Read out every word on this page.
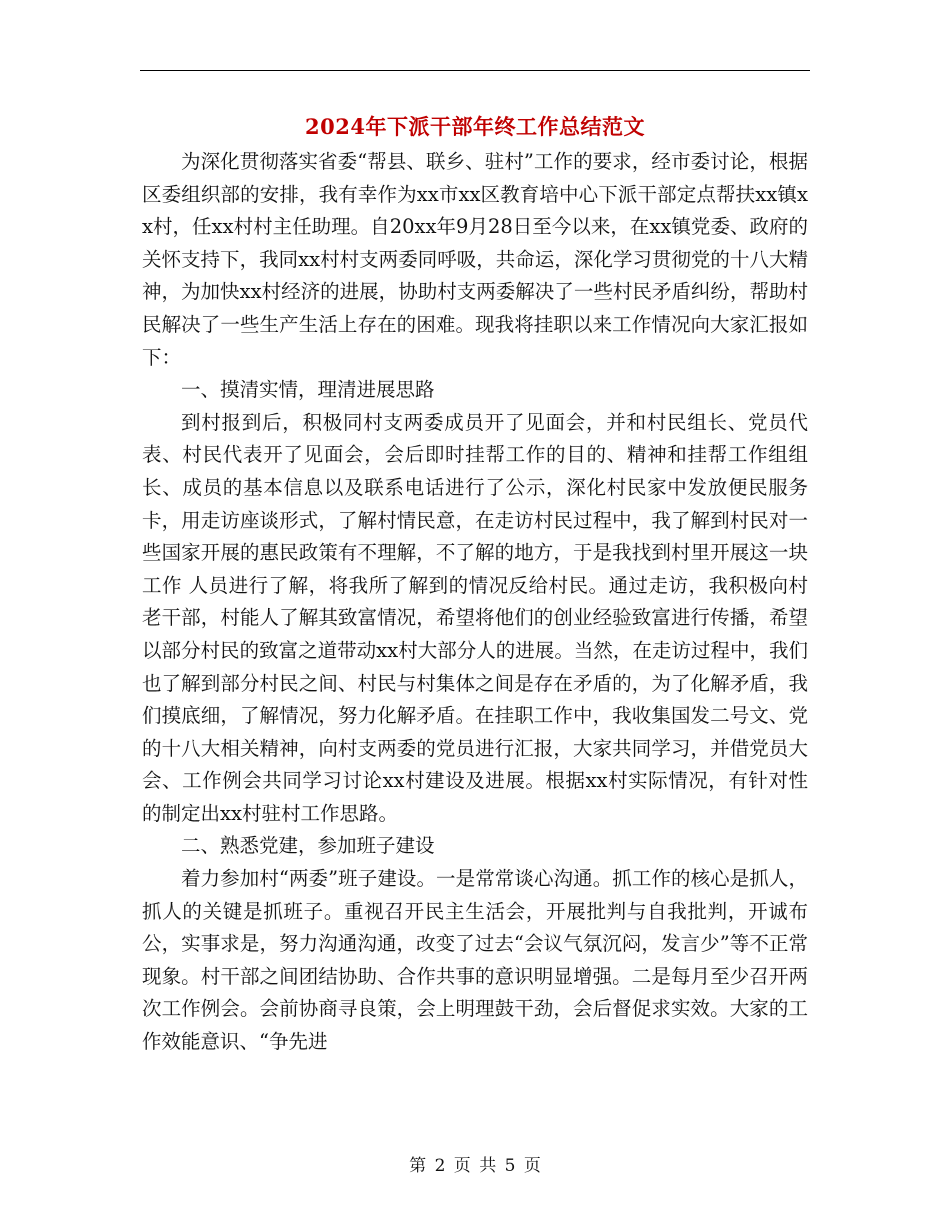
2024年下派干部年终工作总结范文

为深化贯彻落实省委“帮县、联乡、驻村”工作的要求，经市委讨论，根据区委组织部的安排，我有幸作为xx市xx区教育培中心下派干部定点帮扶xx镇xx村，任xx村村主任助理。自20xx年9月28日至今以来，在xx镇党委、政府的关怀支持下，我同xx村村支两委同呼吸，共命运，深化学习贯彻党的十八大精神，为加快xx村经济的进展，协助村支两委解决了一些村民矛盾纠纷，帮助村民解决了一些生产生活上存在的困难。现我将挂职以来工作情况向大家汇报如下：

一、摸清实情，理清进展思路

到村报到后，积极同村支两委成员开了见面会，并和村民组长、党员代表、村民代表开了见面会，会后即时挂帮工作的目的、精神和挂帮工作组组长、成员的基本信息以及联系电话进行了公示，深化村民家中发放便民服务卡，用走访座谈形式，了解村情民意，在走访村民过程中，我了解到村民对一些国家开展的惠民政策有不理解，不了解的地方，于是我找到村里开展这一块工作 人员进行了解，将我所了解到的情况反给村民。通过走访，我积极向村老干部，村能人了解其致富情况，希望将他们的创业经验致富进行传播，希望以部分村民的致富之道带动xx村大部分人的进展。当然，在走访过程中，我们也了解到部分村民之间、村民与村集体之间是存在矛盾的，为了化解矛盾，我们摸底细，了解情况，努力化解矛盾。在挂职工作中，我收集国发二号文、党的十八大相关精神，向村支两委的党员进行汇报，大家共同学习，并借党员大会、工作例会共同学习讨论xx村建设及进展。根据xx村实际情况，有针对性的制定出xx村驻村工作思路。

二、熟悉党建，参加班子建设

着力参加村“两委”班子建设。一是常常谈心沟通。抓工作的核心是抓人，抓人的关键是抓班子。重视召开民主生活会，开展批判与自我批判，开诚布公，实事求是，努力沟通沟通，改变了过去“会议气氛沉闷，发言少”等不正常现象。村干部之间团结协助、合作共事的意识明显增强。二是每月至少召开两次工作例会。会前协商寻良策，会上明理鼓干劲，会后督促求实效。大家的工作效能意识、“争先进

第 2 页 共 5 页
